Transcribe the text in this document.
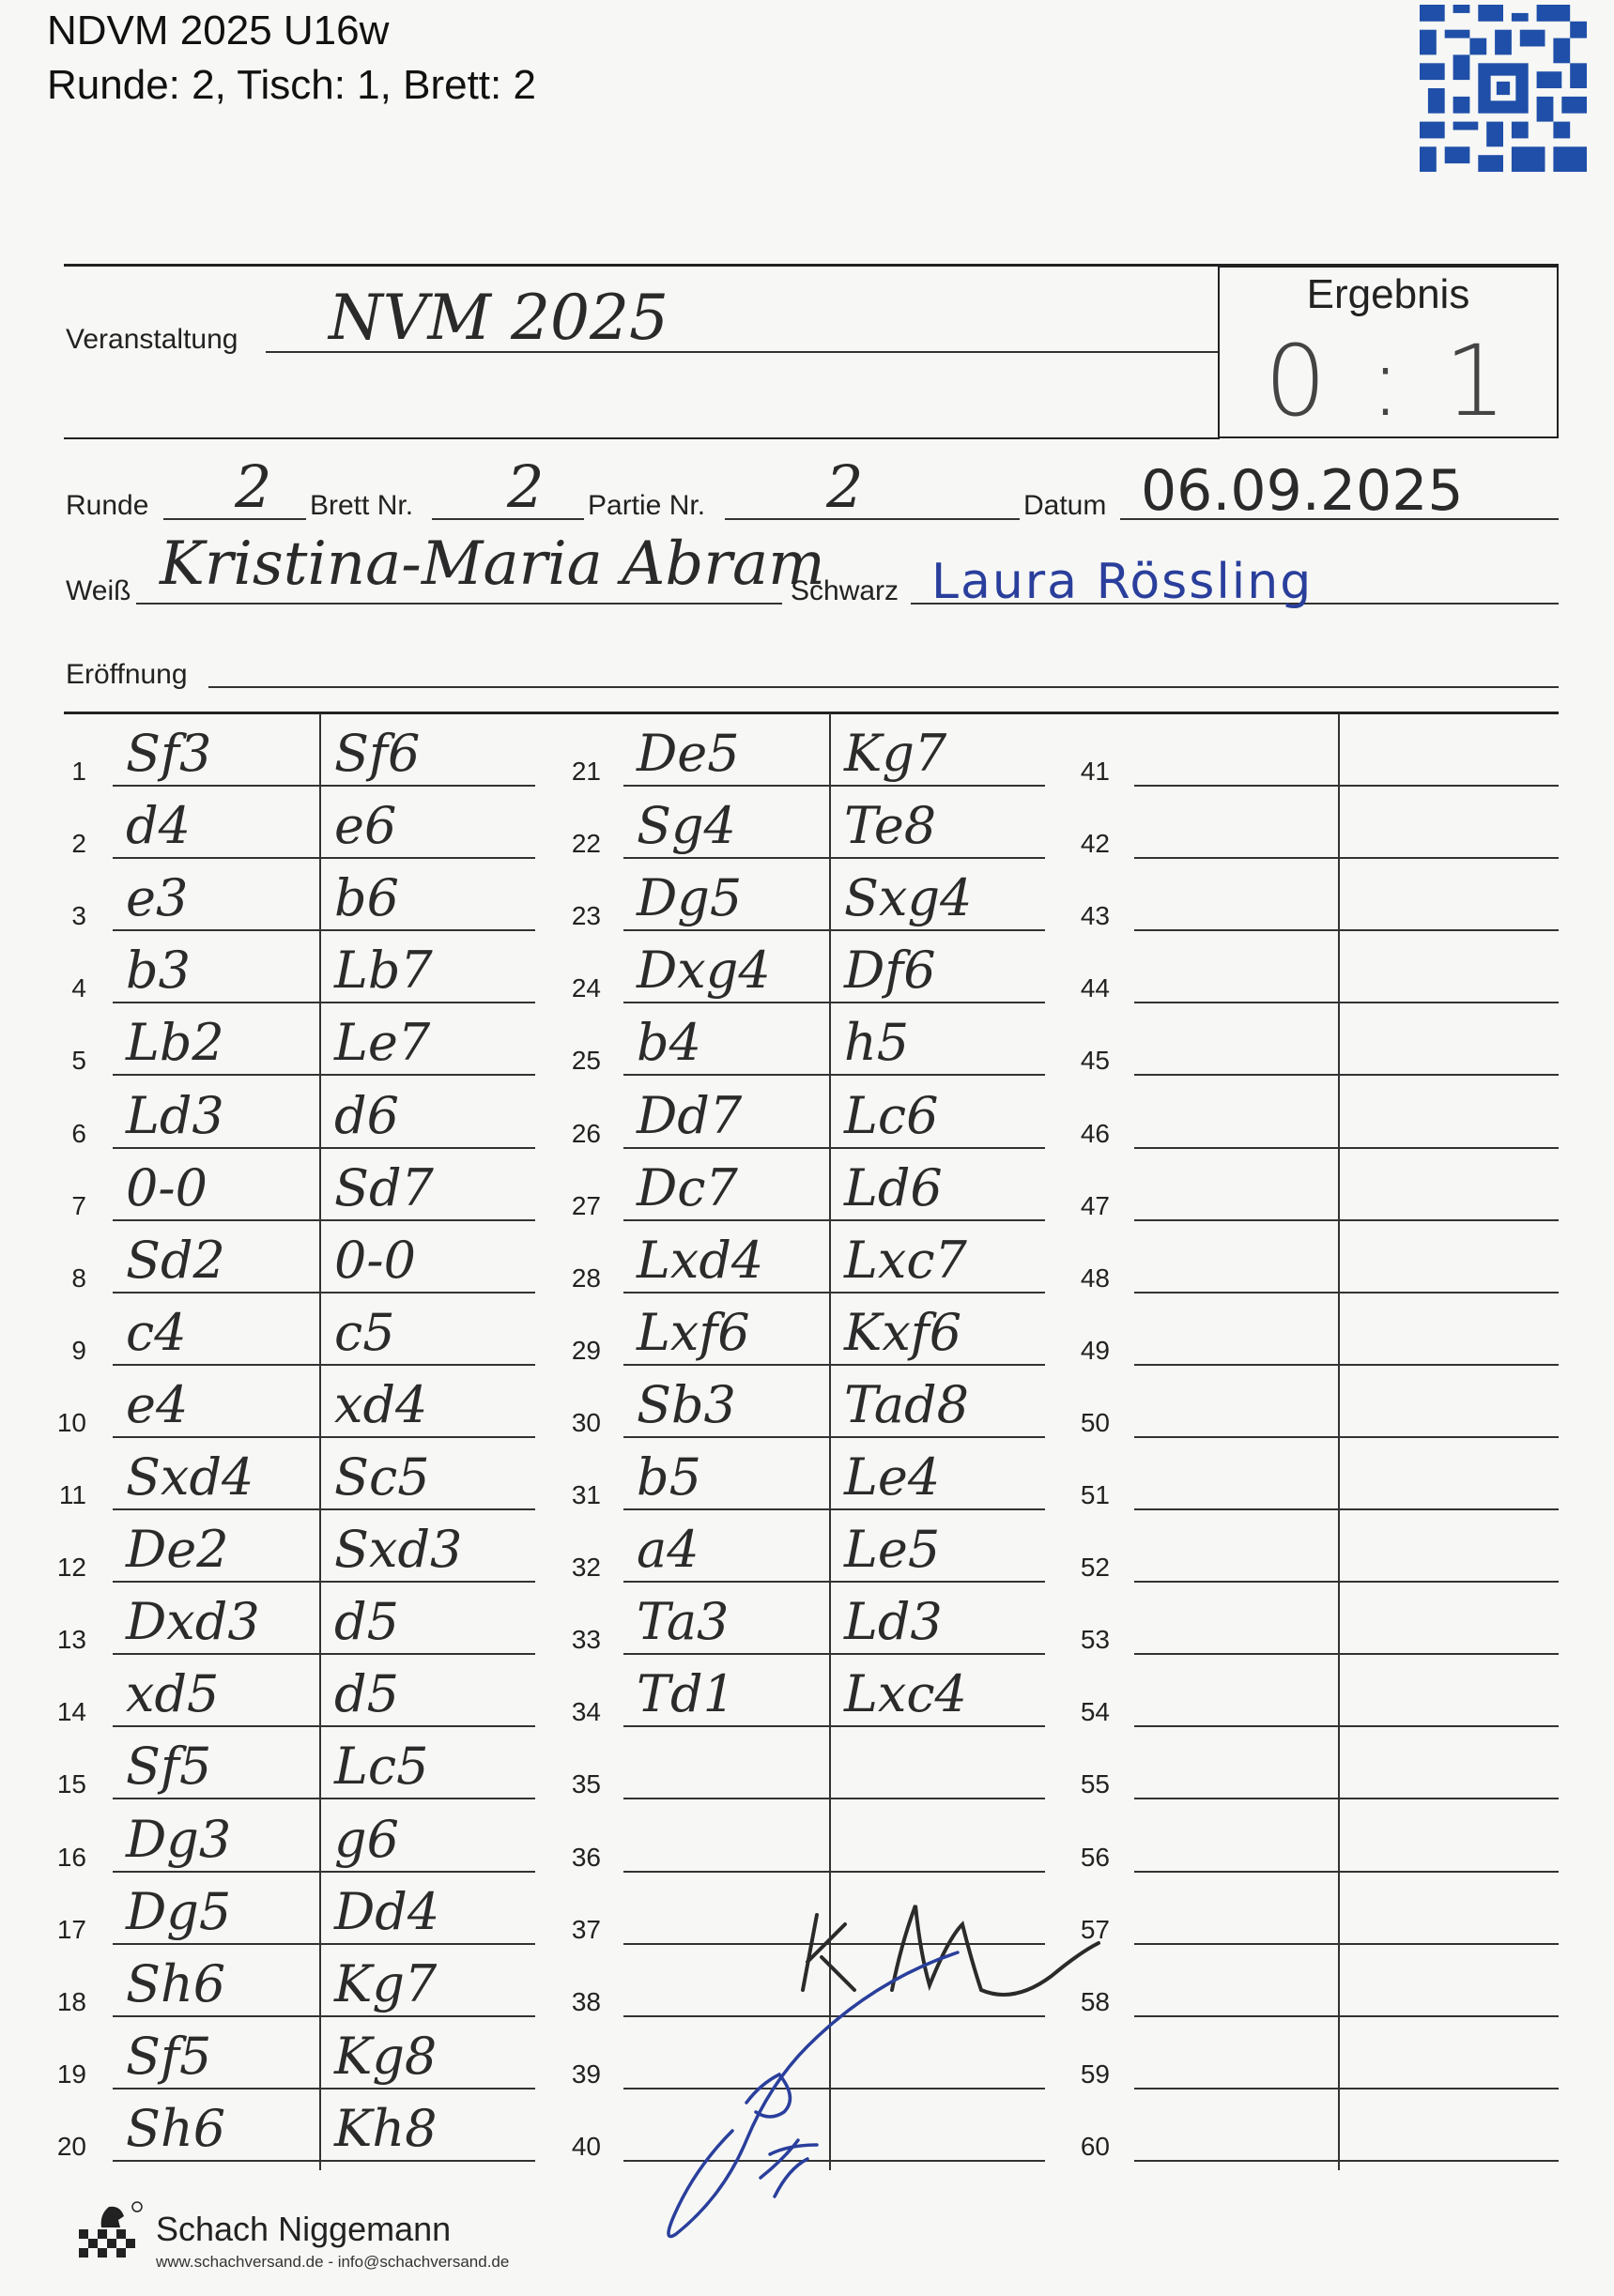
NDVM 2025 U16w
Runde: 2, Tisch: 1, Brett: 2
Veranstaltung NVM 2025	Ergebnis
0 : 1
Runde 2 Brett Nr. 2 Partie Nr. 2	Datum 06.09.2025
Weiß Kristina-Maria Abram
Schwarz Laura Rössling
Eröffnung
1 Sf3 Sf6
2 d4	e6
3 e3	b6
4 b3	Lb7
5 Lb2 Le7
6 Ld3 d6
7 0-0	Sd7
8 Sd2 0-0
9 c4	c5
10 e4	xd4
11 Sxd4 Sc5
12 De2 Sxd3
13 Dxd3 d5
14 xd5 d5
15 Sf5 Lc5
16 Dg3 g6
17 Dg5 Dd4
18 Sh6 Kg7
19 Sf5 Kg8
20 Sh6 Kh8
21 De5 Kg7
22 Sg4 Te8
23 Dg5 Sxg4
24 Dxg4 Df6
25 b4	h5
26 Dd7 Lc6
27 Dc7 Ld6
28 Lxd4 Lxc7
29 Lxf6 Kxf6
30 Sb3 Tad8
31 b5	Le4
32 a4	Le5
33 Ta3 Ld3
34 Td1 Lxc4
35
36
37
38
39
40
41
42
43
44
45
46
47
48
49
50
51
52
53
54
55
56
57
58
59
60
Schach Niggemann
www.schachversand.de - info@schachversand.de
